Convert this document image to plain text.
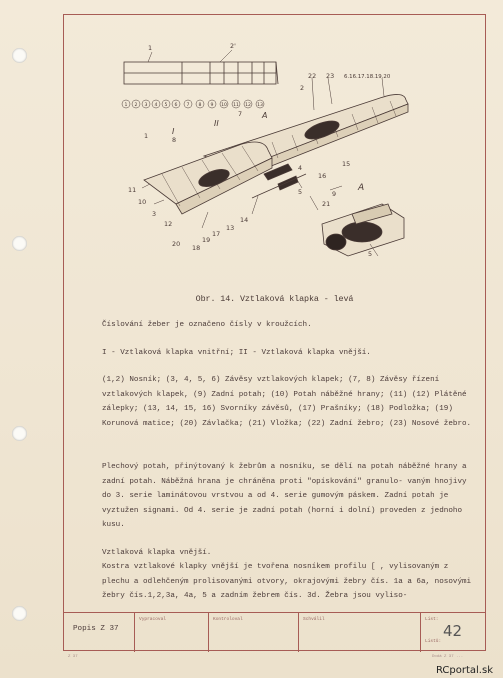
1 2 3 4 5 6 7 8 9 10 11 12 13
1	2'
22 23 6.16.17.18.19.20
2
I
II
A
8
1
7
11
10
3
12
20	19
18
17
13
14
15
5
4
9
16
21
A
5
Obr. 14. Vztlaková klapka - levá

Číslování žeber je označeno čísly v kroužcích.

I - Vztlaková klapka vnitřní; II - Vztlaková klapka vnější.

(1,2) Nosník; (3, 4, 5, 6) Závěsy vztlakových klapek; (7, 8) Závěsy řízení vztlakových klapek, (9) Zadní potah; (10) Potah náběžné hrany; (11) (12) Plátěné zálepky; (13, 14, 15, 16) Svorníky závěsů, (17) Prašníky; (18) Podložka; (19) Korunová matice; (20) Závlačka; (21) Vložka; (22) Zadní žebro; (23) Nosové žebro.

Plechový potah, přinýtovaný k žebrům a nosníku, se dělí na potah náběžné hrany a zadní potah. Náběžná hrana je chráněna proti "opískování" granulo- vaným hnojivy do 3. serie laminátovou vrstvou a od 4. serie gumovým páskem. Zadní potah je vyztužen signami. Od 4. serie je zadní potah (horní i dolní) proveden z jednoho kusu.

Vztlaková klapka vnější.

Kostra vztlakové klapky vnější je tvořena nosníkem profilu [ , vylisovaným z plechu a odlehčeným prolisovanými otvory, okrajovými žebry čís. 1a a 6a, nosovými žebry čís.1,2,3a, 4a, 5 a zadním žebrem čís. 3d. Žebra jsou vyliso-

Popis Z 37
Vypracoval	Kontroloval	Schválil	List:
Listů:
42
Z 37	Dodá Z 37 ...
RCportal.sk
